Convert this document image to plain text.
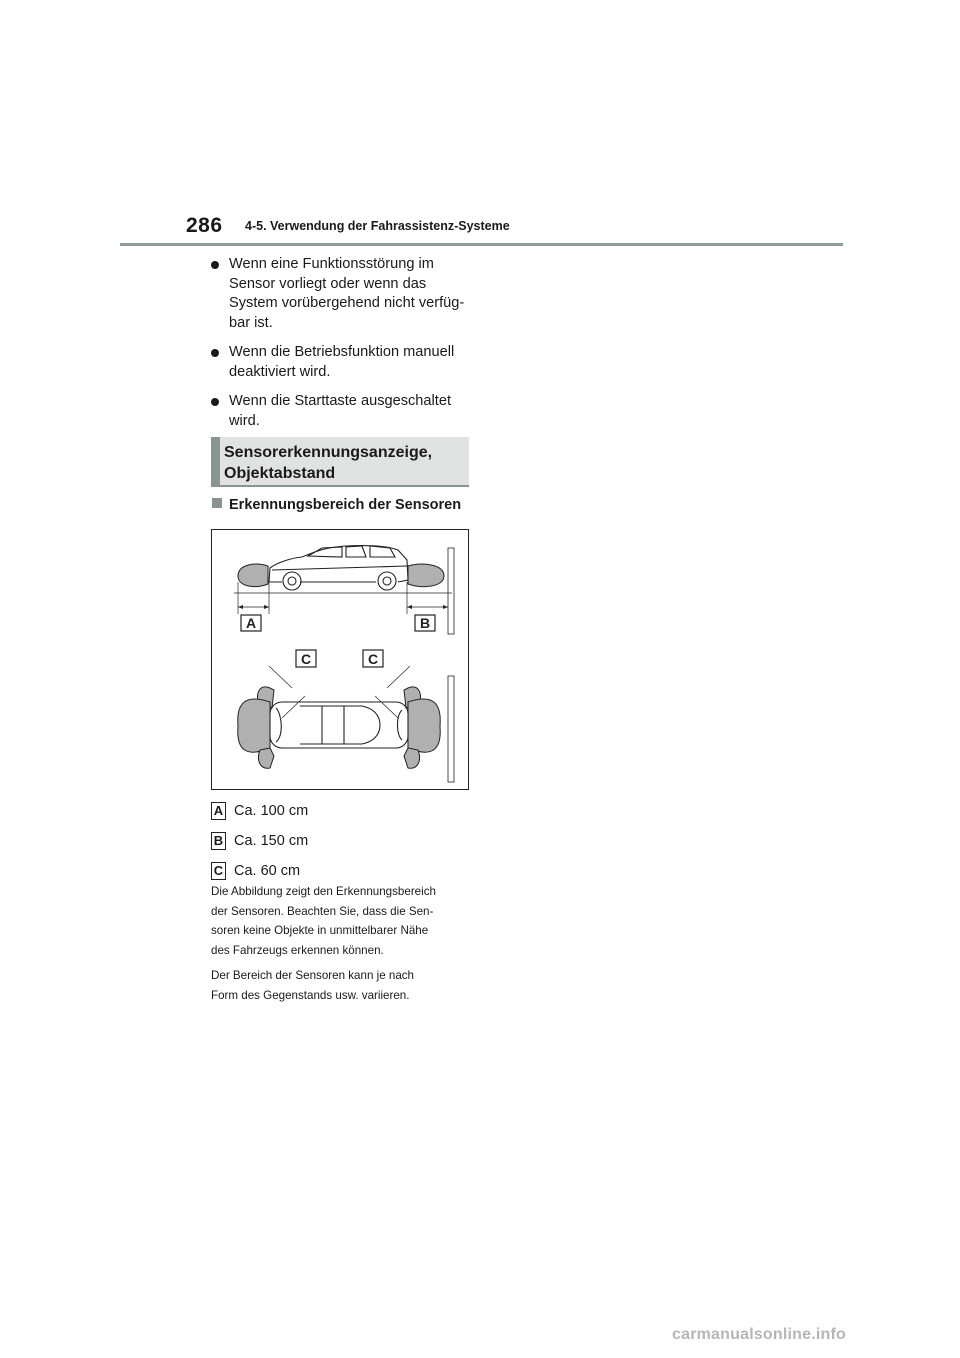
286 4-5. Verwendung der Fahrassistenz-Systeme
Wenn eine Funktionsstörung im
Sensor vorliegt oder wenn das
System vorübergehend nicht verfüg-
bar ist.
Wenn die Betriebsfunktion manuell
deaktiviert wird.
Wenn die Starttaste ausgeschaltet
wird.
Sensorerkennungsanzeige,
Objektabstand
Erkennungsbereich der Sensoren
A	B
C	C
A Ca. 100 cm
B Ca. 150 cm
C Ca. 60 cm

Die Abbildung zeigt den Erkennungsbereich
der Sensoren. Beachten Sie, dass die Sen-
soren keine Objekte in unmittelbarer Nähe
des Fahrzeugs erkennen können.

Der Bereich der Sensoren kann je nach
Form des Gegenstands usw. variieren.

carmanualsonline.info
